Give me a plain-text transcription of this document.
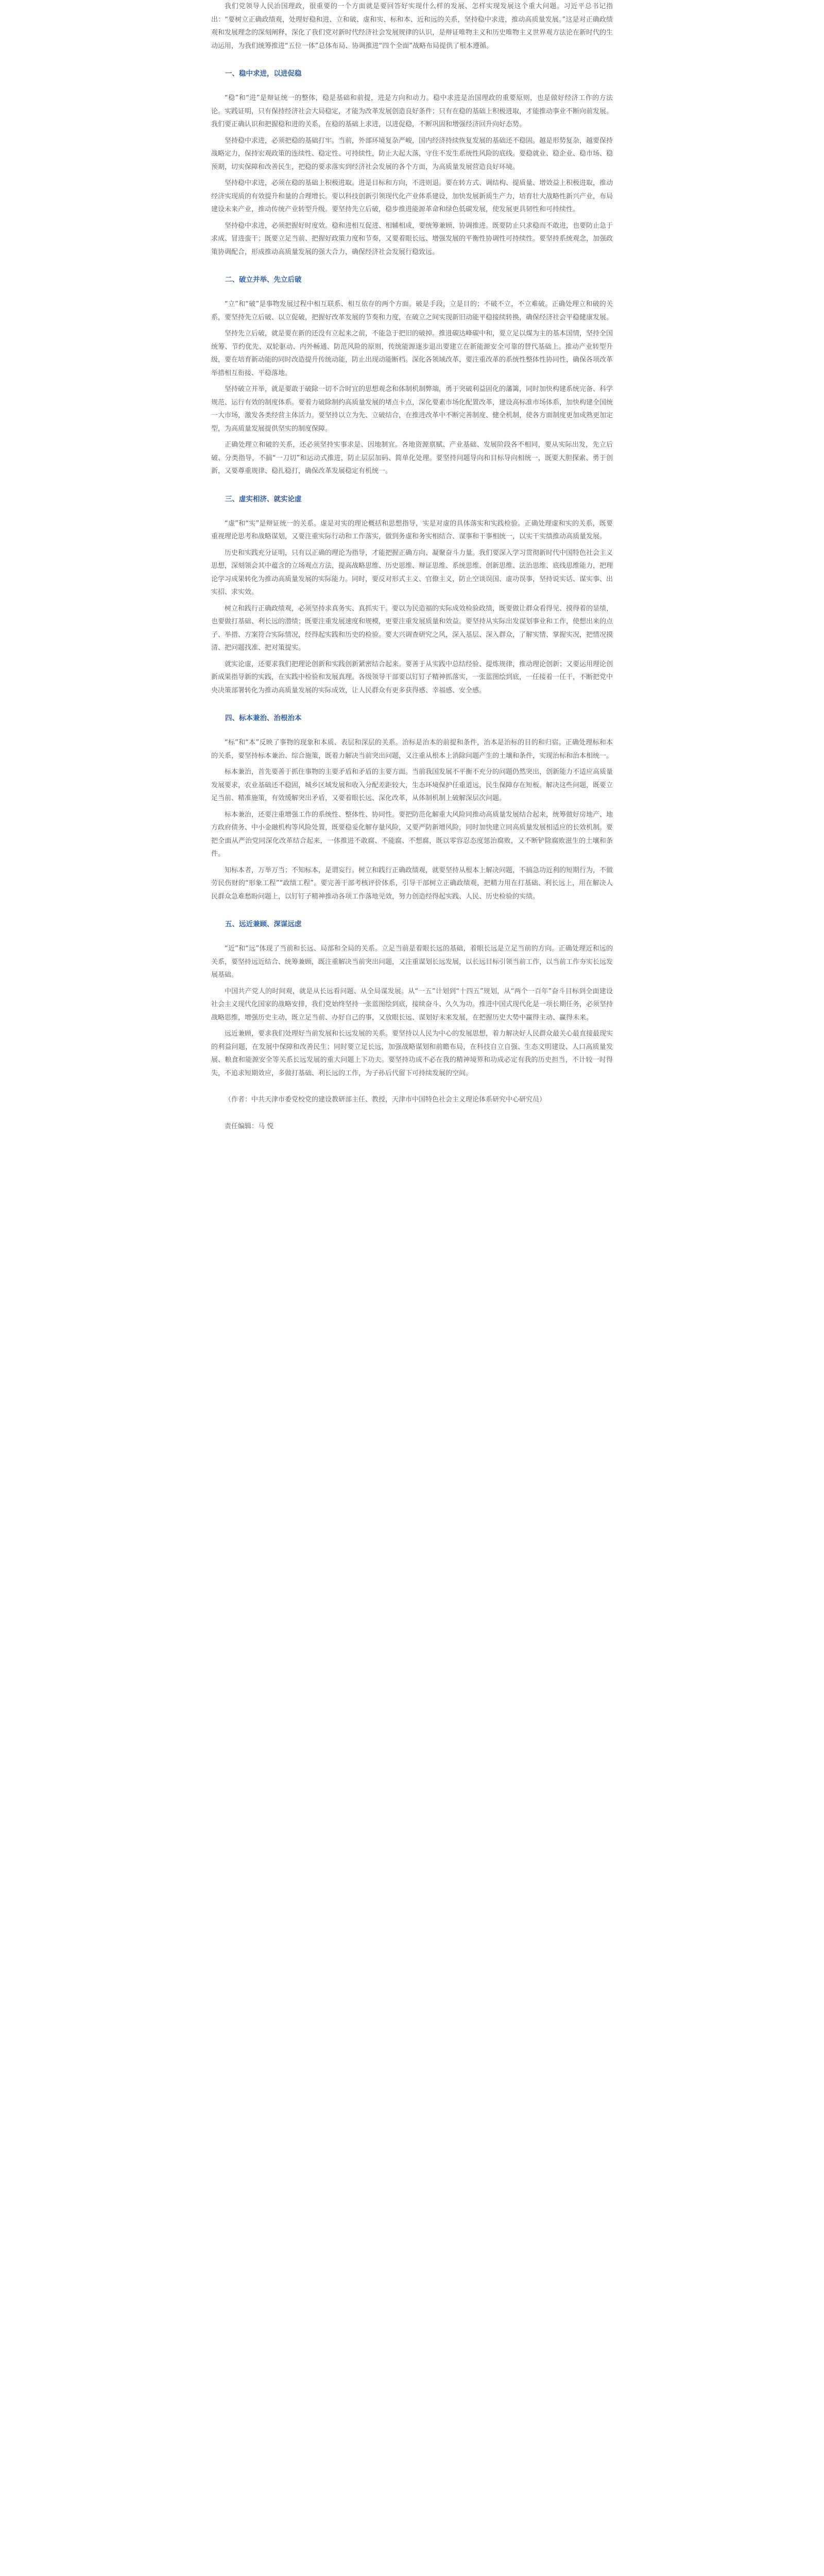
我们党领导人民治国理政，很重要的一个方面就是要回答好实现什么样的发展、怎样实现发展这个重大问题。习近平总书记指出：“要树立正确政绩观，处理好稳和进、立和破、虚和实、标和本、近和远的关系，坚持稳中求进，推动高质量发展。”这是对正确政绩观和发展理念的深刻阐释，深化了我们党对新时代经济社会发展规律的认识，是辩证唯物主义和历史唯物主义世界观方法论在新时代的生动运用，为我们统筹推进“五位一体”总体布局、协调推进“四个全面”战略布局提供了根本遵循。

一、稳中求进，以进促稳

“稳”和“进”是辩证统一的整体，稳是基础和前提，进是方向和动力。稳中求进是治国理政的重要原则，也是做好经济工作的方法论。实践证明，只有保持经济社会大局稳定，才能为改革发展创造良好条件；只有在稳的基础上积极进取，才能推动事业不断向前发展。我们要正确认识和把握稳和进的关系，在稳的基础上求进，以进促稳，不断巩固和增强经济回升向好态势。

坚持稳中求进，必须把稳的基础打牢。当前，外部环境复杂严峻，国内经济持续恢复发展的基础还不稳固。越是形势复杂，越要保持战略定力，保持宏观政策的连续性、稳定性、可持续性，防止大起大落，守住不发生系统性风险的底线。要稳就业、稳企业、稳市场、稳预期，切实保障和改善民生，把稳的要求落实到经济社会发展的各个方面，为高质量发展营造良好环境。

坚持稳中求进，必须在稳的基础上积极进取。进是目标和方向，不进则退。要在转方式、调结构、提质量、增效益上积极进取，推动经济实现质的有效提升和量的合理增长。要以科技创新引领现代化产业体系建设，加快发展新质生产力，培育壮大战略性新兴产业，布局建设未来产业，推动传统产业转型升级。要坚持先立后破，稳步推进能源革命和绿色低碳发展，使发展更具韧性和可持续性。

坚持稳中求进，必须把握好时度效。稳和进相互促进、相辅相成，要统筹兼顾、协调推进。既要防止只求稳而不敢进，也要防止急于求成、冒进蛮干；既要立足当前、把握好政策力度和节奏，又要着眼长远、增强发展的平衡性协调性可持续性。要坚持系统观念，加强政策协调配合，形成推动高质量发展的强大合力，确保经济社会发展行稳致远。

二、破立并举、先立后破

“立”和“破”是事物发展过程中相互联系、相互依存的两个方面。破是手段，立是目的；不破不立，不立难破。正确处理立和破的关系，要坚持先立后破、以立促破，把握好改革发展的节奏和力度，在破立之间实现新旧动能平稳接续转换，确保经济社会平稳健康发展。

坚持先立后破，就是要在新的还没有立起来之前，不能急于把旧的破掉。推进碳达峰碳中和，要立足以煤为主的基本国情，坚持全国统筹、节约优先、双轮驱动、内外畅通、防范风险的原则，传统能源逐步退出要建立在新能源安全可靠的替代基础上。推动产业转型升级，要在培育新动能的同时改造提升传统动能，防止出现动能断档。深化各领域改革，要注重改革的系统性整体性协同性，确保各项改革举措相互衔接、平稳落地。

坚持破立并举，就是要敢于破除一切不合时宜的思想观念和体制机制弊端，勇于突破利益固化的藩篱，同时加快构建系统完备、科学规范、运行有效的制度体系。要着力破除制约高质量发展的堵点卡点，深化要素市场化配置改革，建设高标准市场体系，加快构建全国统一大市场，激发各类经营主体活力。要坚持以立为先、立破结合，在推进改革中不断完善制度、健全机制，使各方面制度更加成熟更加定型，为高质量发展提供坚实的制度保障。

正确处理立和破的关系，还必须坚持实事求是、因地制宜。各地资源禀赋、产业基础、发展阶段各不相同，要从实际出发，先立后破、分类指导，不搞“一刀切”和运动式推进，防止层层加码、简单化处理。要坚持问题导向和目标导向相统一，既要大胆探索、勇于创新，又要尊重规律、稳扎稳打，确保改革发展稳定有机统一。

三、虚实相济、就实论虚

“虚”和“实”是辩证统一的关系。虚是对实的理论概括和思想指导，实是对虚的具体落实和实践检验。正确处理虚和实的关系，既要重视理论思考和战略谋划，又要注重实际行动和工作落实，做到务虚和务实相结合、谋事和干事相统一，以实干实绩推动高质量发展。

历史和实践充分证明，只有以正确的理论为指导，才能把握正确方向、凝聚奋斗力量。我们要深入学习贯彻新时代中国特色社会主义思想，深刻领会其中蕴含的立场观点方法，提高战略思维、历史思维、辩证思维、系统思维、创新思维、法治思维、底线思维能力，把理论学习成果转化为推动高质量发展的实际能力。同时，要反对形式主义、官僚主义，防止空谈误国、虚功误事，坚持说实话、谋实事、出实招、求实效。

树立和践行正确政绩观，必须坚持求真务实、真抓实干。要以为民造福的实际成效检验政绩，既要做让群众看得见、摸得着的显绩，也要做打基础、利长远的潜绩；既要注重发展速度和规模，更要注重发展质量和效益。要坚持从实际出发谋划事业和工作，使想出来的点子、举措、方案符合实际情况，经得起实践和历史的检验。要大兴调查研究之风，深入基层、深入群众，了解实情、掌握实况，把情况摸清、把问题找准、把对策提实。

就实论虚，还要求我们把理论创新和实践创新紧密结合起来。要善于从实践中总结经验、提炼规律，推动理论创新；又要运用理论创新成果指导新的实践，在实践中检验和发展真理。各级领导干部要以钉钉子精神抓落实，一张蓝图绘到底，一任接着一任干，不断把党中央决策部署转化为推动高质量发展的实际成效，让人民群众有更多获得感、幸福感、安全感。

四、标本兼治、治根治本

“标”和“本”反映了事物的现象和本质、表层和深层的关系。治标是治本的前提和条件，治本是治标的目的和归宿。正确处理标和本的关系，要坚持标本兼治、综合施策，既着力解决当前突出问题，又注重从根本上消除问题产生的土壤和条件，实现治标和治本相统一。

标本兼治，首先要善于抓住事物的主要矛盾和矛盾的主要方面。当前我国发展不平衡不充分的问题仍然突出，创新能力不适应高质量发展要求，农业基础还不稳固，城乡区域发展和收入分配差距较大，生态环境保护任重道远，民生保障存在短板。解决这些问题，既要立足当前、精准施策，有效缓解突出矛盾，又要着眼长远、深化改革，从体制机制上破解深层次问题。

标本兼治，还要注重增强工作的系统性、整体性、协同性。要把防范化解重大风险同推动高质量发展结合起来，统筹做好房地产、地方政府债务、中小金融机构等风险处置，既要稳妥化解存量风险，又要严防新增风险，同时加快建立同高质量发展相适应的长效机制。要把全面从严治党同深化改革结合起来，一体推进不敢腐、不能腐、不想腐，既以零容忍态度惩治腐败，又不断铲除腐败滋生的土壤和条件。

知标本者，万举万当；不知标本，是谓妄行。树立和践行正确政绩观，就要坚持从根本上解决问题，不搞急功近利的短期行为，不做劳民伤财的“形象工程”“政绩工程”。要完善干部考核评价体系，引导干部树立正确政绩观，把精力用在打基础、利长远上，用在解决人民群众急难愁盼问题上，以钉钉子精神推动各项工作落地见效，努力创造经得起实践、人民、历史检验的实绩。

五、远近兼顾、深谋远虑

“近”和“远”体现了当前和长远、局部和全局的关系。立足当前是着眼长远的基础，着眼长远是立足当前的方向。正确处理近和远的关系，要坚持远近结合、统筹兼顾，既注重解决当前突出问题，又注重谋划长远发展，以长远目标引领当前工作，以当前工作夯实长远发展基础。

中国共产党人的时间观，就是从长远看问题、从全局谋发展。从“一五”计划到“十四五”规划，从“两个一百年”奋斗目标到全面建设社会主义现代化国家的战略安排，我们党始终坚持一张蓝图绘到底，接续奋斗、久久为功。推进中国式现代化是一项长期任务，必须坚持战略思维，增强历史主动，既立足当前、办好自己的事，又放眼长远、谋划好未来发展，在把握历史大势中赢得主动、赢得未来。

远近兼顾，要求我们处理好当前发展和长远发展的关系。要坚持以人民为中心的发展思想，着力解决好人民群众最关心最直接最现实的利益问题，在发展中保障和改善民生；同时要立足长远，加强战略谋划和前瞻布局，在科技自立自强、生态文明建设、人口高质量发展、粮食和能源安全等关系长远发展的重大问题上下功夫。要坚持功成不必在我的精神境界和功成必定有我的历史担当，不计较一时得失，不追求短期效应，多做打基础、利长远的工作，为子孙后代留下可持续发展的空间。

（作者：中共天津市委党校党的建设教研部主任、教授，天津市中国特色社会主义理论体系研究中心研究员）

责任编辑：马 悦
